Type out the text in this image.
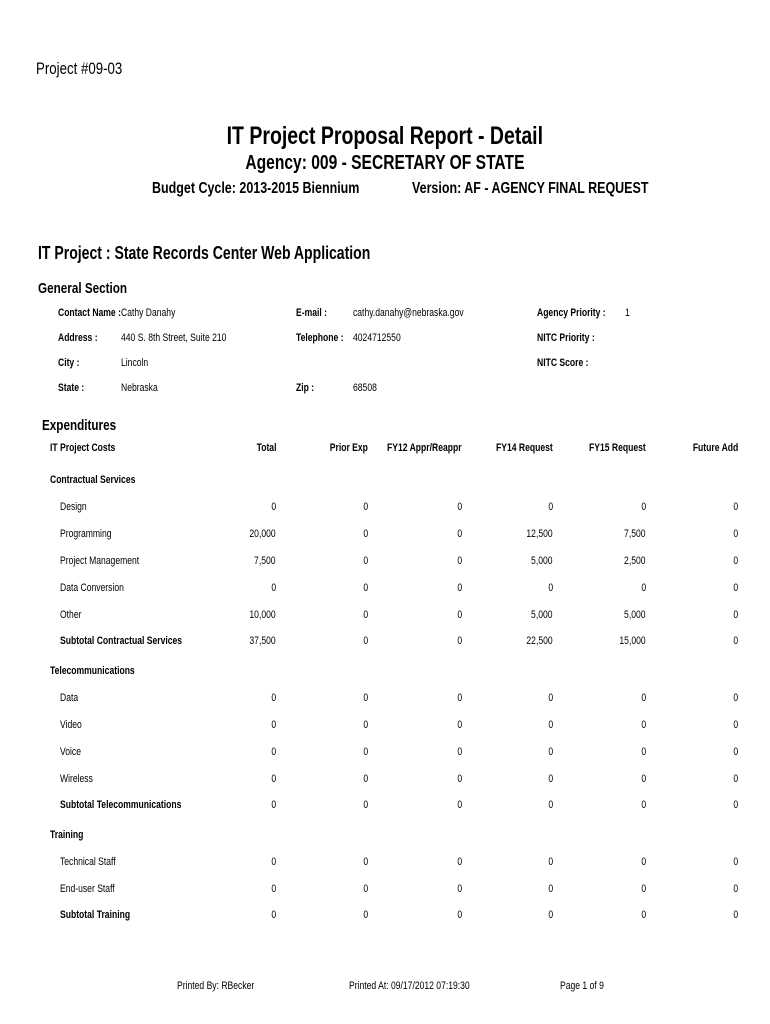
Project #09-03
IT Project Proposal Report - Detail
Agency: 009 - SECRETARY OF STATE
Budget Cycle: 2013-2015 Biennium	Version: AF - AGENCY FINAL REQUEST
IT Project : State Records Center Web Application
General Section
Contact Name : Cathy Danahy
Address :	440 S. 8th Street, Suite 210
City :	Lincoln
State :	Nebraska
E-mail :	cathy.danahy@nebraska.gov
Telephone : 4024712550
Zip :	68508
Agency Priority :	1
NITC Priority :
NITC Score :
Expenditures
IT Project Costs	Total	Prior Exp	FY12 Appr/Reappr	FY14 Request	FY15 Request	Future Add
Contractual Services
Design	0	0	0	0	0	0
Programming	20,000	0	0	12,500	7,500	0
Project Management	7,500	0	0	5,000	2,500	0
Data Conversion	0	0	0	0	0	0
Other	10,000	0	0	5,000	5,000	0
Subtotal Contractual Services	37,500	0	0	22,500	15,000	0
Telecommunications
Data	0	0	0	0	0	0
Video	0	0	0	0	0	0
Voice	0	0	0	0	0	0
Wireless	0	0	0	0	0	0
Subtotal Telecommunications	0	0	0	0	0	0
Training
Technical Staff	0	0	0	0	0	0
End-user Staff	0	0	0	0	0	0
Subtotal Training	0	0	0	0	0	0
Printed By: RBecker	Printed At: 09/17/2012 07:19:30	Page 1 of 9
